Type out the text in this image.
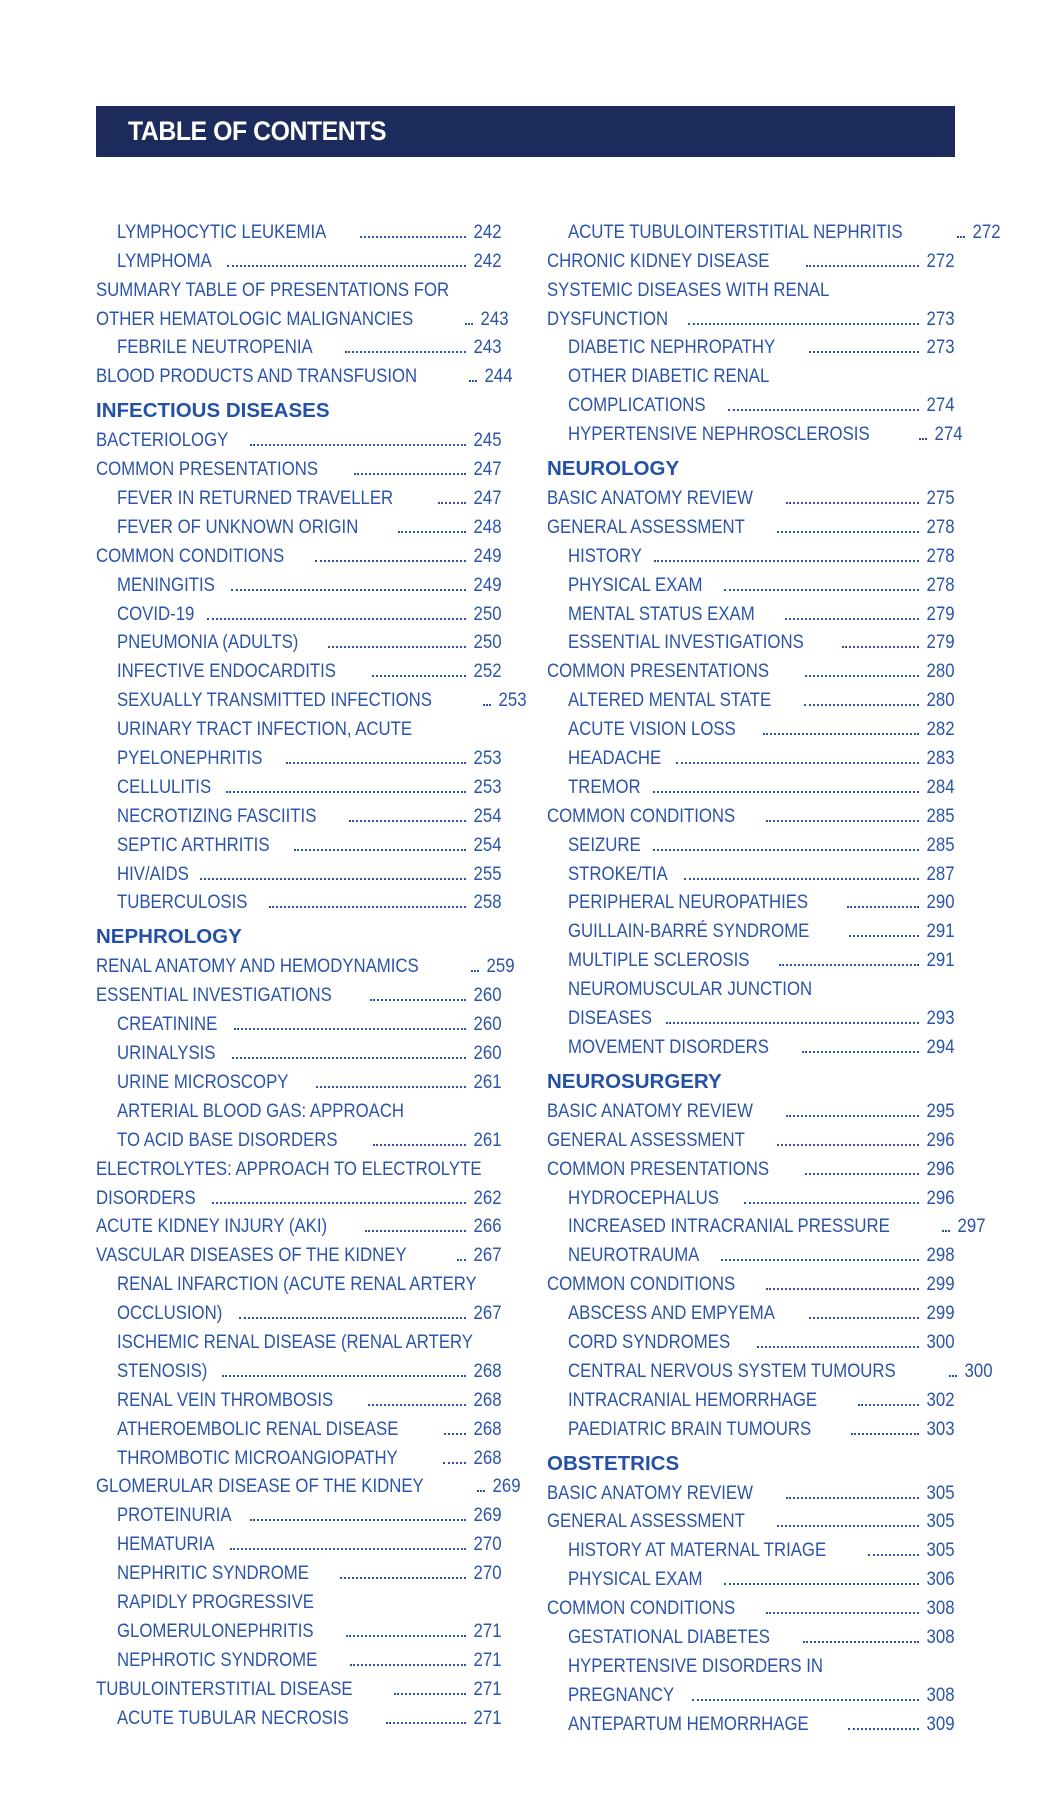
TABLE OF CONTENTS
LYMPHOCYTIC LEUKEMIA	242
LYMPHOMA	242
SUMMARY TABLE OF PRESENTATIONS FOR
OTHER HEMATOLOGIC MALIGNANCIES	243
FEBRILE NEUTROPENIA	243
BLOOD PRODUCTS AND TRANSFUSION	244
INFECTIOUS DISEASES
BACTERIOLOGY	245
COMMON PRESENTATIONS	247
FEVER IN RETURNED TRAVELLER	247
FEVER OF UNKNOWN ORIGIN	248
COMMON CONDITIONS	249
MENINGITIS	249
COVID-19	250
PNEUMONIA (ADULTS)	250
INFECTIVE ENDOCARDITIS	252
SEXUALLY TRANSMITTED INFECTIONS	253
URINARY TRACT INFECTION, ACUTE
PYELONEPHRITIS	253
CELLULITIS	253
NECROTIZING FASCIITIS	254
SEPTIC ARTHRITIS	254
HIV/AIDS	255
TUBERCULOSIS	258
NEPHROLOGY
RENAL ANATOMY AND HEMODYNAMICS	259
ESSENTIAL INVESTIGATIONS	260
CREATININE	260
URINALYSIS	260
URINE MICROSCOPY	261
ARTERIAL BLOOD GAS: APPROACH
TO ACID BASE DISORDERS	261
ELECTROLYTES: APPROACH TO ELECTROLYTE
DISORDERS	262
ACUTE KIDNEY INJURY (AKI)	266
VASCULAR DISEASES OF THE KIDNEY	267
RENAL INFARCTION (ACUTE RENAL ARTERY
OCCLUSION)	267
ISCHEMIC RENAL DISEASE (RENAL ARTERY
STENOSIS)	268
RENAL VEIN THROMBOSIS	268
ATHEROEMBOLIC RENAL DISEASE	268
THROMBOTIC MICROANGIOPATHY	268
GLOMERULAR DISEASE OF THE KIDNEY	269
PROTEINURIA	269
HEMATURIA	270
NEPHRITIC SYNDROME	270
RAPIDLY PROGRESSIVE
GLOMERULONEPHRITIS	271
NEPHROTIC SYNDROME	271
TUBULOINTERSTITIAL DISEASE	271
ACUTE TUBULAR NECROSIS	271
ACUTE TUBULOINTERSTITIAL NEPHRITIS	272
CHRONIC KIDNEY DISEASE	272
SYSTEMIC DISEASES WITH RENAL
DYSFUNCTION	273
DIABETIC NEPHROPATHY	273
OTHER DIABETIC RENAL
COMPLICATIONS	274
HYPERTENSIVE NEPHROSCLEROSIS	274
NEUROLOGY
BASIC ANATOMY REVIEW	275
GENERAL ASSESSMENT	278
HISTORY	278
PHYSICAL EXAM	278
MENTAL STATUS EXAM	279
ESSENTIAL INVESTIGATIONS	279
COMMON PRESENTATIONS	280
ALTERED MENTAL STATE	280
ACUTE VISION LOSS	282
HEADACHE	283
TREMOR	284
COMMON CONDITIONS	285
SEIZURE	285
STROKE/TIA	287
PERIPHERAL NEUROPATHIES	290
GUILLAIN-BARRÉ SYNDROME	291
MULTIPLE SCLEROSIS	291
NEUROMUSCULAR JUNCTION
DISEASES	293
MOVEMENT DISORDERS	294
NEUROSURGERY
BASIC ANATOMY REVIEW	295
GENERAL ASSESSMENT	296
COMMON PRESENTATIONS	296
HYDROCEPHALUS	296
INCREASED INTRACRANIAL PRESSURE	297
NEUROTRAUMA	298
COMMON CONDITIONS	299
ABSCESS AND EMPYEMA	299
CORD SYNDROMES	300
CENTRAL NERVOUS SYSTEM TUMOURS	300
INTRACRANIAL HEMORRHAGE	302
PAEDIATRIC BRAIN TUMOURS	303
OBSTETRICS
BASIC ANATOMY REVIEW	305
GENERAL ASSESSMENT	305
HISTORY AT MATERNAL TRIAGE	305
PHYSICAL EXAM	306
COMMON CONDITIONS	308
GESTATIONAL DIABETES	308
HYPERTENSIVE DISORDERS IN
PREGNANCY	308
ANTEPARTUM HEMORRHAGE	309
